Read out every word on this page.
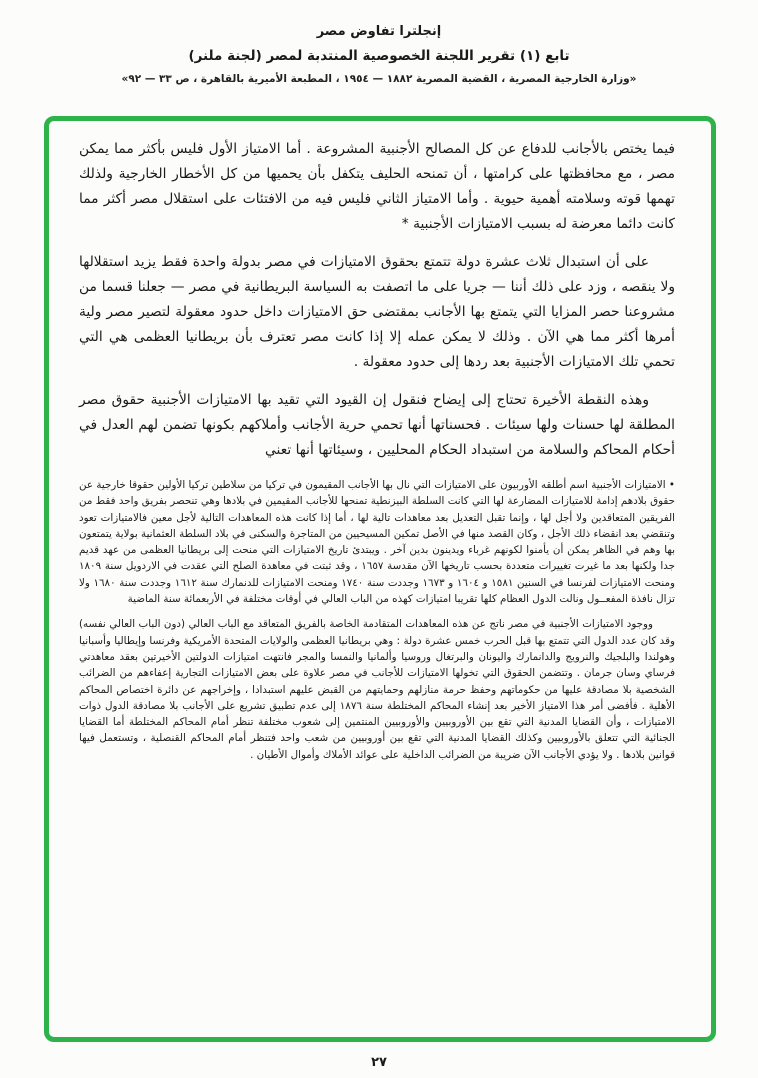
إنجلترا تفاوض مصر

تابع (١) تقرير اللجنة الخصوصية المنتدبة لمصر (لجنة ملنر)

«وزارة الخارجية المصرية ، القضية المصرية ١٨٨٢ — ١٩٥٤ ، المطبعة الأميرية بالقاهرة ، ص ٣٣ — ٩٢»

فيما يختص بالأجانب للدفاع عن كل المصالح الأجنبية المشروعة . أما الامتياز الأول فليس بأكثر مما يمكن مصر ، مع محافظتها على كرامتها ، أن تمنحه الحليف يتكفل بأن يحميها من كل الأخطار الخارجية ولذلك تهمها قوته وسلامته أهمية حيوية . وأما الامتياز الثاني فليس فيه من الافتئات على استقلال مصر أكثر مما كانت دائما معرضة له بسبب الامتيازات الأجنبية *

على أن استبدال ثلاث عشرة دولة تتمتع بحقوق الامتيازات في مصر بدولة واحدة فقط يزيد استقلالها ولا ينقصه ، وزد على ذلك أننا — جريا على ما اتصفت به السياسة البريطانية في مصر — جعلنا قسما من مشروعنا حصر المزايا التي يتمتع بها الأجانب بمقتضى حق الامتيازات داخل حدود معقولة لتصير مصر ولية أمرها أكثر مما هي الآن . وذلك لا يمكن عمله إلا إذا كانت مصر تعترف بأن بريطانيا العظمى هي التي تحمي تلك الامتيازات الأجنبية بعد ردها إلى حدود معقولة .

وهذه النقطة الأخيرة تحتاج إلى إيضاح فنقول إن القيود التي تقيد بها الامتيازات الأجنبية حقوق مصر المطلقة لها حسنات ولها سيئات . فحسناتها أنها تحمي حرية الأجانب وأملاكهم بكونها تضمن لهم العدل في أحكام المحاكم والسلامة من استبداد الحكام المحليين ، وسيئاتها أنها تعني

• الامتيازات الأجنبية اسم أطلقه الأوربيون على الامتيازات التي نال بها الأجانب المقيمون في تركيا من سلاطين تركيا الأولين حقوقا خارجية عن حقوق بلادهم إدامة للامتيازات المضارعة لها التي كانت السلطة البيزنطية تمنحها للأجانب المقيمين في بلادها وهي تنحصر بفريق واحد فقط من الفريقين المتعاقدين ولا أجل لها ، وإنما تقبل التعديل بعد معاهدات تالية لها ، أما إذا كانت هذه المعاهدات التالية لأجل معين فالامتيازات تعود وتنقضي بعد انقضاء ذلك الأجل ، وكان القصد منها في الأصل تمكين المسيحيين من المتاجرة والسكنى في بلاد السلطة العثمانية بولاية يتمتعون بها وهم في الظاهر يمكن أن يأمنوا لكونهم غرباء ويدينون بدين آخر . ويبتدئ تاريخ الامتيازات التي منحت إلى بريطانيا العظمى من عهد قديم جدا ولكنها بعد ما غيرت تغييرات متعددة بحسب تاريخها الآن مقدسة ١٦٥٧ ، وقد ثبتت في معاهدة الصلح التي عقدت في الاردويل سنة ١٨٠٩ ومنحت الامتيازات لفرنسا في السنين ١٥٨١ و ١٦٠٤ و ١٦٧٣ وجددت سنة ١٧٤٠ ومنحت الامتيازات للدنمارك سنة ١٦١٢ وجددت سنة ١٦٨٠ ولا تزال نافذة المفعــول ونالت الدول العظام كلها تقريبا امتيازات كهذه من الباب العالي في أوقات مختلفة في الأربعمائة سنة الماضية

ووجود الامتيازات الأجنبية في مصر ناتج عن هذه المعاهدات المتقادمة الخاصة بالفريق المتعاقد مع الباب العالي (دون الباب العالي نفسه) وقد كان عدد الدول التي تتمتع بها قبل الحرب خمس عشرة دولة : وهي بريطانيا العظمى والولايات المتحدة الأمريكية وفرنسا وإيطاليا وأسبانيا وهولندا والبلجيك والنرويج والدانمارك واليونان والبرتغال وروسيا وألمانيا والنمسا والمجر فانتهت امتيازات الدولتين الأخيرتين بعقد معاهدتي فرساي وسان جرمان . وتتضمن الحقوق التي تخولها الامتيازات للأجانب في مصر علاوة على بعض الامتيازات التجارية إعفاءهم من الضرائب الشخصية بلا مصادقة عليها من حكوماتهم وحفظ حرمة منازلهم وحمايتهم من القبض عليهم استبدادا ، وإخراجهم عن دائرة اختصاص المحاكم الأهلية . فأفضى أمر هذا الامتياز الأخير بعد إنشاء المحاكم المختلطة سنة ١٨٧٦ إلى عدم تطبيق تشريع على الأجانب بلا مصادقة الدول ذوات الامتيازات ، وأن القضايا المدنية التي تقع بين الأوروبيين والأوروبيين المنتمين إلى شعوب مختلفة تنظر أمام المحاكم المختلطة أما القضايا الجنائية التي تتعلق بالأوروبيين وكذلك القضايا المدنية التي تقع بين أوروبيين من شعب واحد فتنظر أمام المحاكم القنصلية ، وتستعمل فيها قوانين بلادها . ولا يؤدي الأجانب الآن ضريبة من الضرائب الداخلية على عوائد الأملاك وأموال الأطيان .

٢٧
